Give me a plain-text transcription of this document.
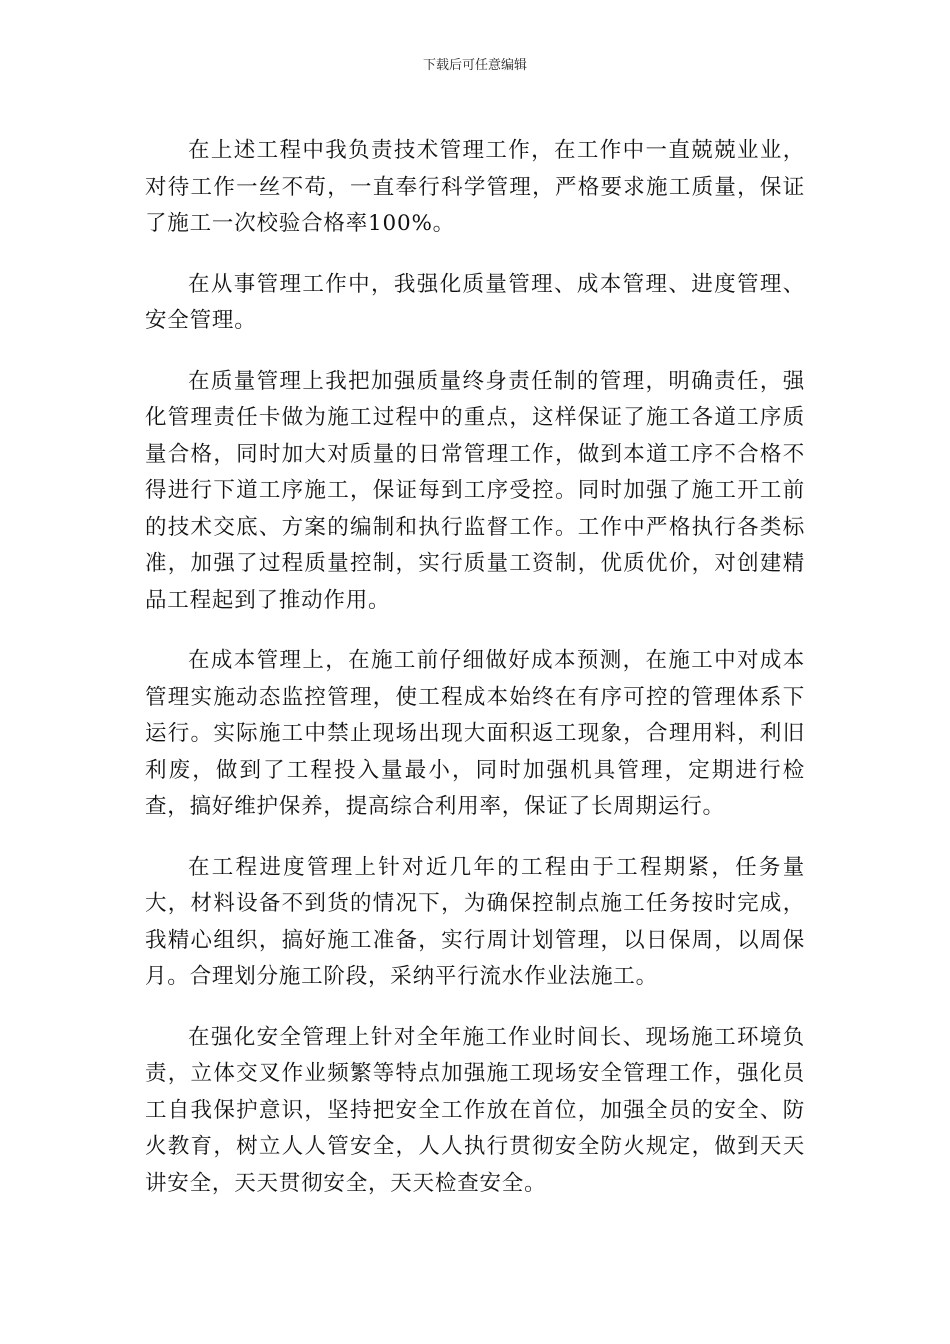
下载后可任意编辑

在上述工程中我负责技术管理工作，在工作中一直兢兢业业，对待工作一丝不苟，一直奉行科学管理，严格要求施工质量，保证了施工一次校验合格率100%。

在从事管理工作中，我强化质量管理、成本管理、进度管理、安全管理。

在质量管理上我把加强质量终身责任制的管理，明确责任，强化管理责任卡做为施工过程中的重点，这样保证了施工各道工序质量合格，同时加大对质量的日常管理工作，做到本道工序不合格不得进行下道工序施工，保证每到工序受控。同时加强了施工开工前的技术交底、方案的编制和执行监督工作。工作中严格执行各类标准，加强了过程质量控制，实行质量工资制，优质优价，对创建精品工程起到了推动作用。

在成本管理上，在施工前仔细做好成本预测，在施工中对成本管理实施动态监控管理，使工程成本始终在有序可控的管理体系下运行。实际施工中禁止现场出现大面积返工现象，合理用料，利旧利废，做到了工程投入量最小，同时加强机具管理，定期进行检查，搞好维护保养，提高综合利用率，保证了长周期运行。

在工程进度管理上针对近几年的工程由于工程期紧，任务量大，材料设备不到货的情况下，为确保控制点施工任务按时完成，我精心组织，搞好施工准备，实行周计划管理，以日保周，以周保月。合理划分施工阶段，采纳平行流水作业法施工。

在强化安全管理上针对全年施工作业时间长、现场施工环境负责，立体交叉作业频繁等特点加强施工现场安全管理工作，强化员工自我保护意识，坚持把安全工作放在首位，加强全员的安全、防火教育，树立人人管安全，人人执行贯彻安全防火规定，做到天天讲安全，天天贯彻安全，天天检查安全。
